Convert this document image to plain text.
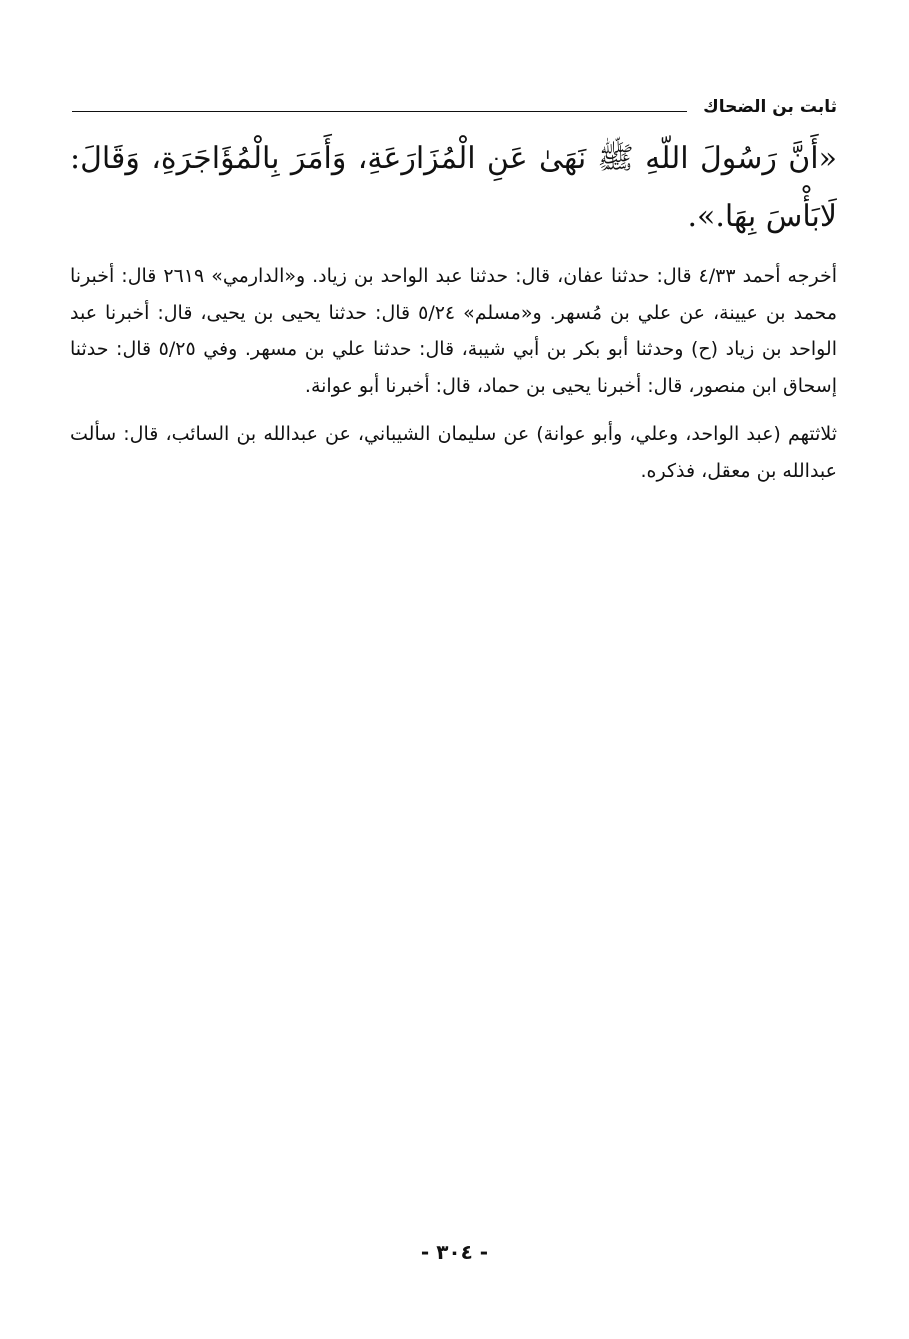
ثابت بن الضحاك
«أَنَّ رَسُولَ اللّهِ ﷺ نَهَىٰ عَنِ الْمُزَارَعَةِ، وَأَمَرَ بِالْمُؤَاجَرَةِ، وَقَالَ: لَابَأْسَ بِهَا.».

أخرجه أحمد ٤/٣٣ قال: حدثنا عفان، قال: حدثنا عبد الواحد بن زياد. و«الدارمي» ٢٦١٩ قال: أخبرنا محمد بن عيينة، عن علي بن مُسهر. و«مسلم» ٥/٢٤ قال: حدثنا يحيى بن يحيى، قال: أخبرنا عبد الواحد بن زياد (ح) وحدثنا أبو بكر بن أبي شيبة، قال: حدثنا علي بن مسهر. وفي ٥/٢٥ قال: حدثنا إسحاق ابن منصور، قال: أخبرنا يحيى بن حماد، قال: أخبرنا أبو عوانة.

ثلاثتهم (عبد الواحد، وعلي، وأبو عوانة) عن سليمان الشيباني، عن عبدالله بن السائب، قال: سألت عبدالله بن معقل، فذكره.

- ٣٠٤ -
